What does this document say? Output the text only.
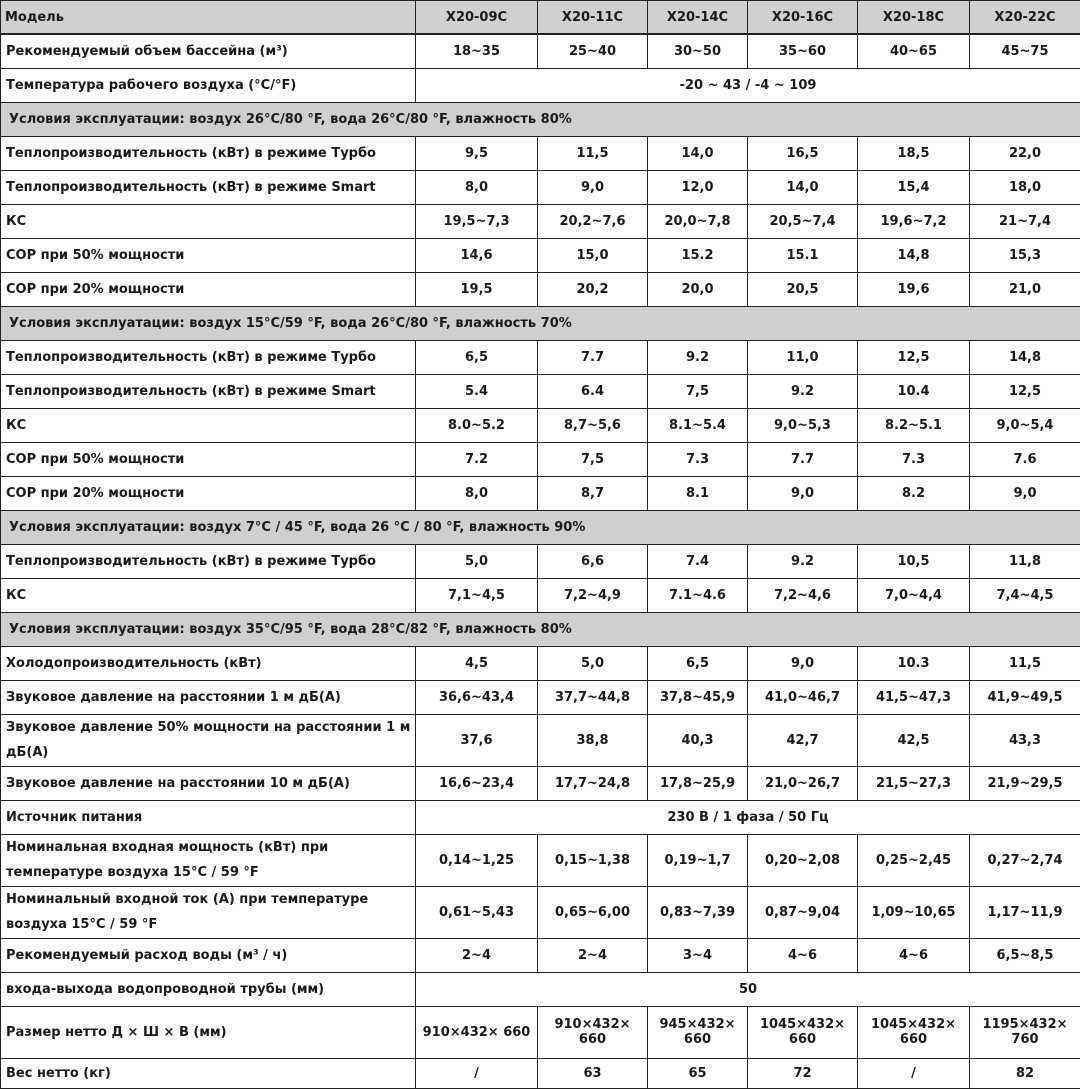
Модель	X20-09C	X20-11C	X20-14C	X20-16C	X20-18C	X20-22C
Рекомендуемый объем бассейна (м³)	18~35	25~40	30~50	35~60	40~65	45~75
Температура рабочего воздуха (°C/°F)	-20 ~ 43 / -4 ~ 109					
Условия эксплуатации: воздух 26°C/80 °F, вода 26°C/80 °F, влажность 80%						
Теплопроизводительность (кВт) в режиме Турбо	9,5	11,5	14,0	16,5	18,5	22,0
Теплопроизводительность (кВт) в режиме Smart	8,0	9,0	12,0	14,0	15,4	18,0
КС	19,5~7,3	20,2~7,6	20,0~7,8	20,5~7,4	19,6~7,2	21~7,4
COP при 50% мощности	14,6	15,0	15.2	15.1	14,8	15,3
COP при 20% мощности	19,5	20,2	20,0	20,5	19,6	21,0
Условия эксплуатации: воздух 15°C/59 °F, вода 26°C/80 °F, влажность 70%						
Теплопроизводительность (кВт) в режиме Турбо	6,5	7.7	9.2	11,0	12,5	14,8
Теплопроизводительность (кВт) в режиме Smart	5.4	6.4	7,5	9.2	10.4	12,5
КС	8.0~5.2	8,7~5,6	8.1~5.4	9,0~5,3	8.2~5.1	9,0~5,4
COP при 50% мощности	7.2	7,5	7.3	7.7	7.3	7.6
COP при 20% мощности	8,0	8,7	8.1	9,0	8.2	9,0
Условия эксплуатации: воздух 7°C / 45 °F, вода 26 °C / 80 °F, влажность 90%						
Теплопроизводительность (кВт) в режиме Турбо	5,0	6,6	7.4	9.2	10,5	11,8
КС	7,1~4,5	7,2~4,9	7.1~4.6	7,2~4,6	7,0~4,4	7,4~4,5
Условия эксплуатации: воздух 35°C/95 °F, вода 28°C/82 °F, влажность 80%						
Холодопроизводительность (кВт)	4,5	5,0	6,5	9,0	10.3	11,5
Звуковое давление на расстоянии 1 м дБ(А)	36,6~43,4	37,7~44,8	37,8~45,9	41,0~46,7	41,5~47,3	41,9~49,5
Звуковое давление 50% мощности на расстоянии 1 м дБ(А)	37,6	38,8	40,3	42,7	42,5	43,3
Звуковое давление на расстоянии 10 м дБ(А)	16,6~23,4	17,7~24,8	17,8~25,9	21,0~26,7	21,5~27,3	21,9~29,5
Источник питания	230 В / 1 фаза / 50 Гц					
Номинальная входная мощность (кВт) при температуре воздуха 15°C / 59 °F	0,14~1,25	0,15~1,38	0,19~1,7	0,20~2,08	0,25~2,45	0,27~2,74
Номинальный входной ток (А) при температуре воздуха 15°C / 59 °F	0,61~5,43	0,65~6,00	0,83~7,39	0,87~9,04	1,09~10,65	1,17~11,9
Рекомендуемый расход воды (м³ / ч)	2~4	2~4	3~4	4~6	4~6	6,5~8,5
входа-выхода водопроводной трубы (мм)	50					
Размер нетто Д × Ш × В (мм)	910×432× 660	910×432× 660	945×432× 660	1045×432× 660	1045×432× 660	1195×432× 760
Вес нетто (кг)	/	63	65	72	/	82
